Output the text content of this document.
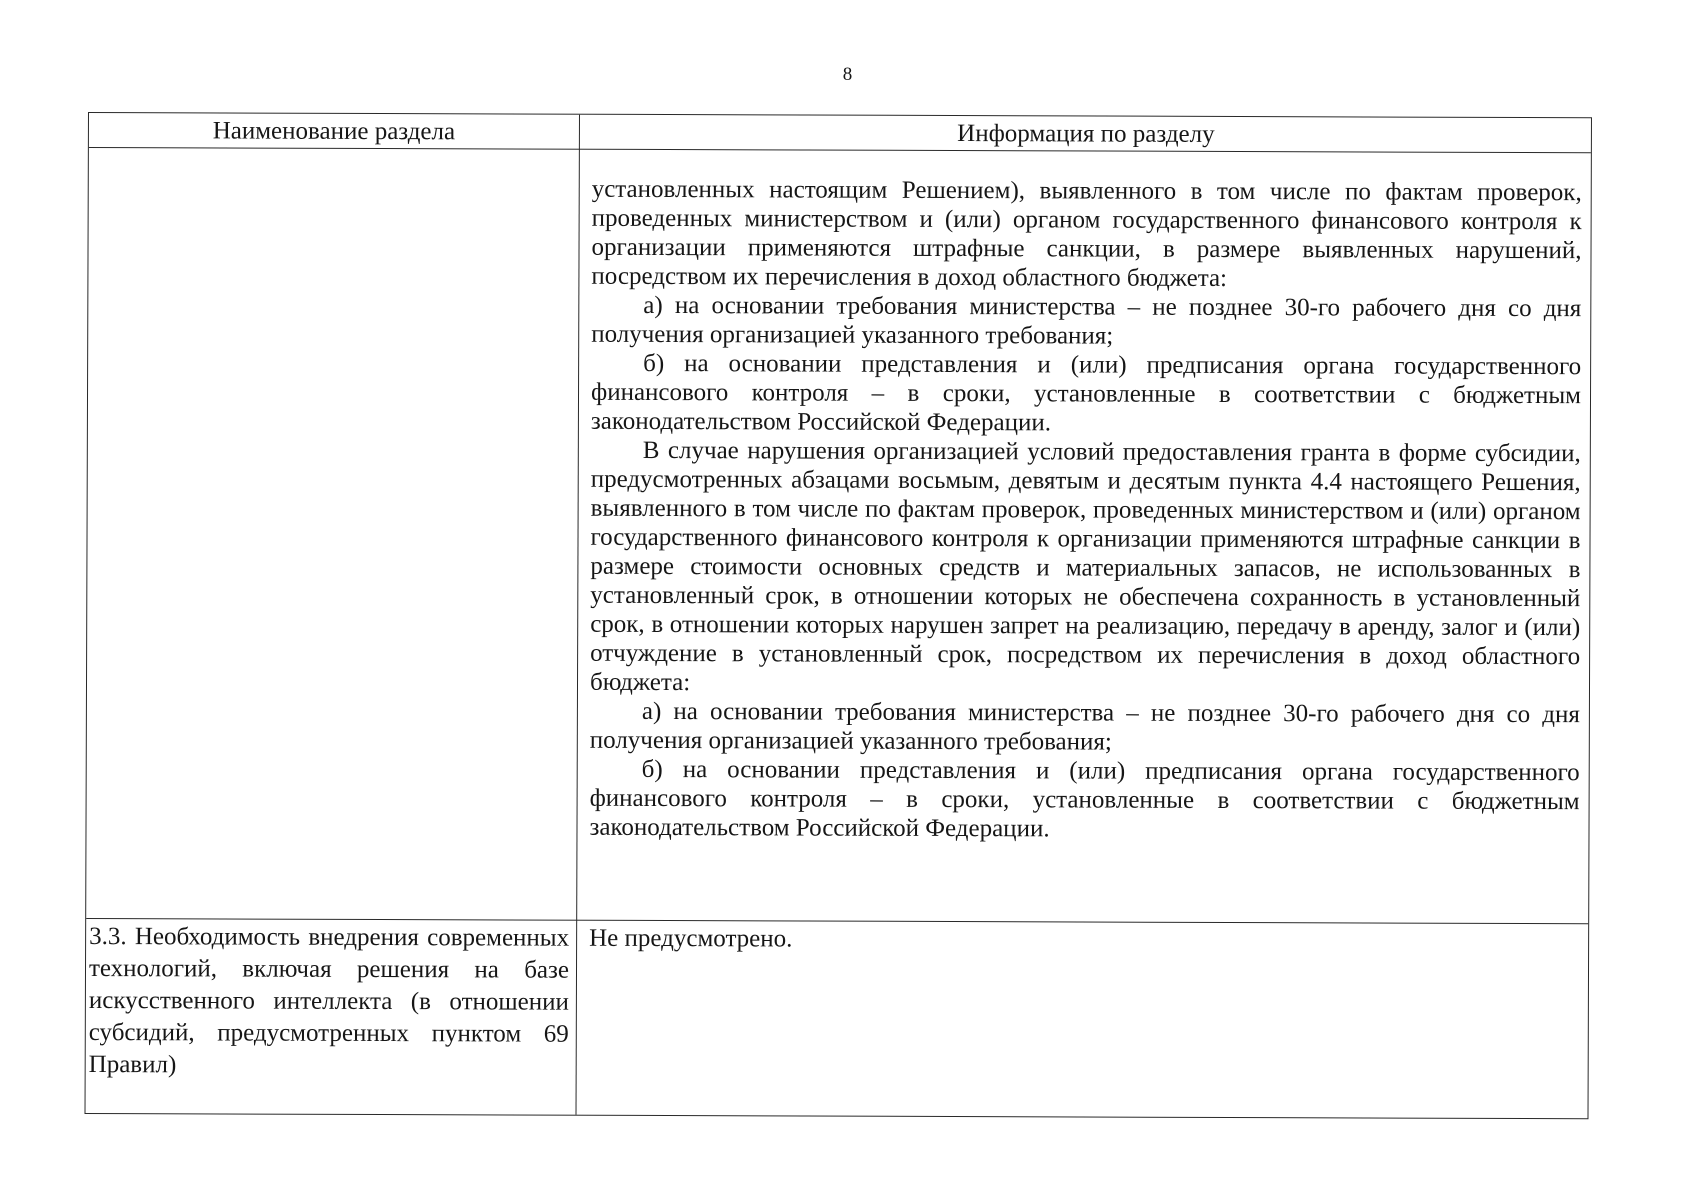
8
Наименование раздела	Информация по разделу

установленных настоящим Решением), выявленного в том числе по фактам проверок, проведенных министерством и (или) органом государственного финансового контроля к организации применяются штрафные санкции, в размере выявленных нарушений, посредством их перечисления в доход областного бюджета:

а) на основании требования министерства – не позднее 30-го рабочего дня со дня получения организацией указанного требования;

б) на основании представления и (или) предписания органа государственного финансового контроля – в сроки, установленные в соответствии с бюджетным законодательством Российской Федерации.

В случае нарушения организацией условий предоставления гранта в форме субсидии, предусмотренных абзацами восьмым, девятым и десятым пункта 4.4 настоящего Решения, выявленного в том числе по фактам проверок, проведенных министерством и (или) органом государственного финансового контроля к организации применяются штрафные санкции в размере стоимости основных средств и материальных запасов, не использованных в установленный срок, в отношении которых не обеспечена сохранность в установленный срок, в отношении которых нарушен запрет на реализацию, передачу в аренду, залог и (или) отчуждение в установленный срок, посредством их перечисления в доход областного бюджета:

а) на основании требования министерства – не позднее 30-го рабочего дня со дня получения организацией указанного требования;

б) на основании представления и (или) предписания органа государственного финансового контроля – в сроки, установленные в соответствии с бюджетным законодательством Российской Федерации.

3.3. Необходимость внедрения современных технологий, включая решения на базе искусственного интеллекта (в отношении субсидий, предусмотренных пунктом 69 Правил)
Не предусмотрено.
